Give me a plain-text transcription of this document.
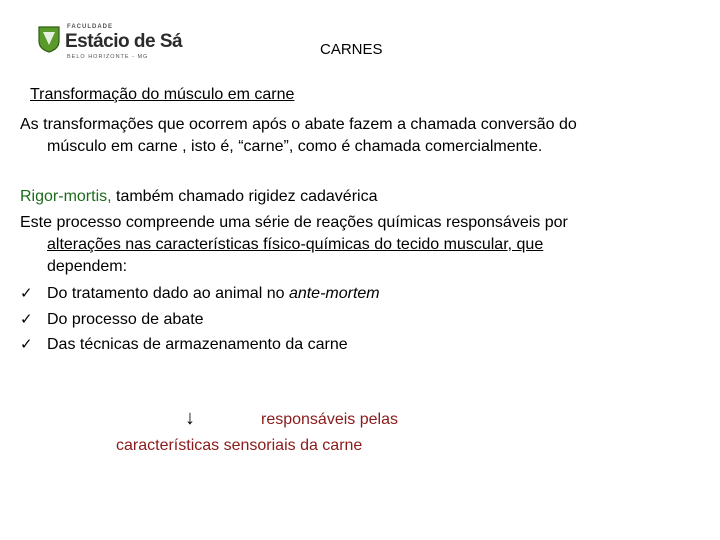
FACULDADE
Estácio de Sá
BELO HORIZONTE - MG	CARNES
Transformação do músculo em carne
As transformações que ocorrem após o abate fazem a chamada conversão do
músculo em carne , isto é, “carne”, como é chamada comercialmente.
Rigor-mortis, também chamado rigidez cadavérica
Este processo compreende uma série de reações químicas responsáveis por
alterações nas características físico-químicas do tecido muscular, que
dependem:
✓ Do tratamento dado ao animal no ante-mortem
✓ Do processo de abate
✓ Das técnicas de armazenamento da carne
↓	responsáveis pelas
características sensoriais da carne
